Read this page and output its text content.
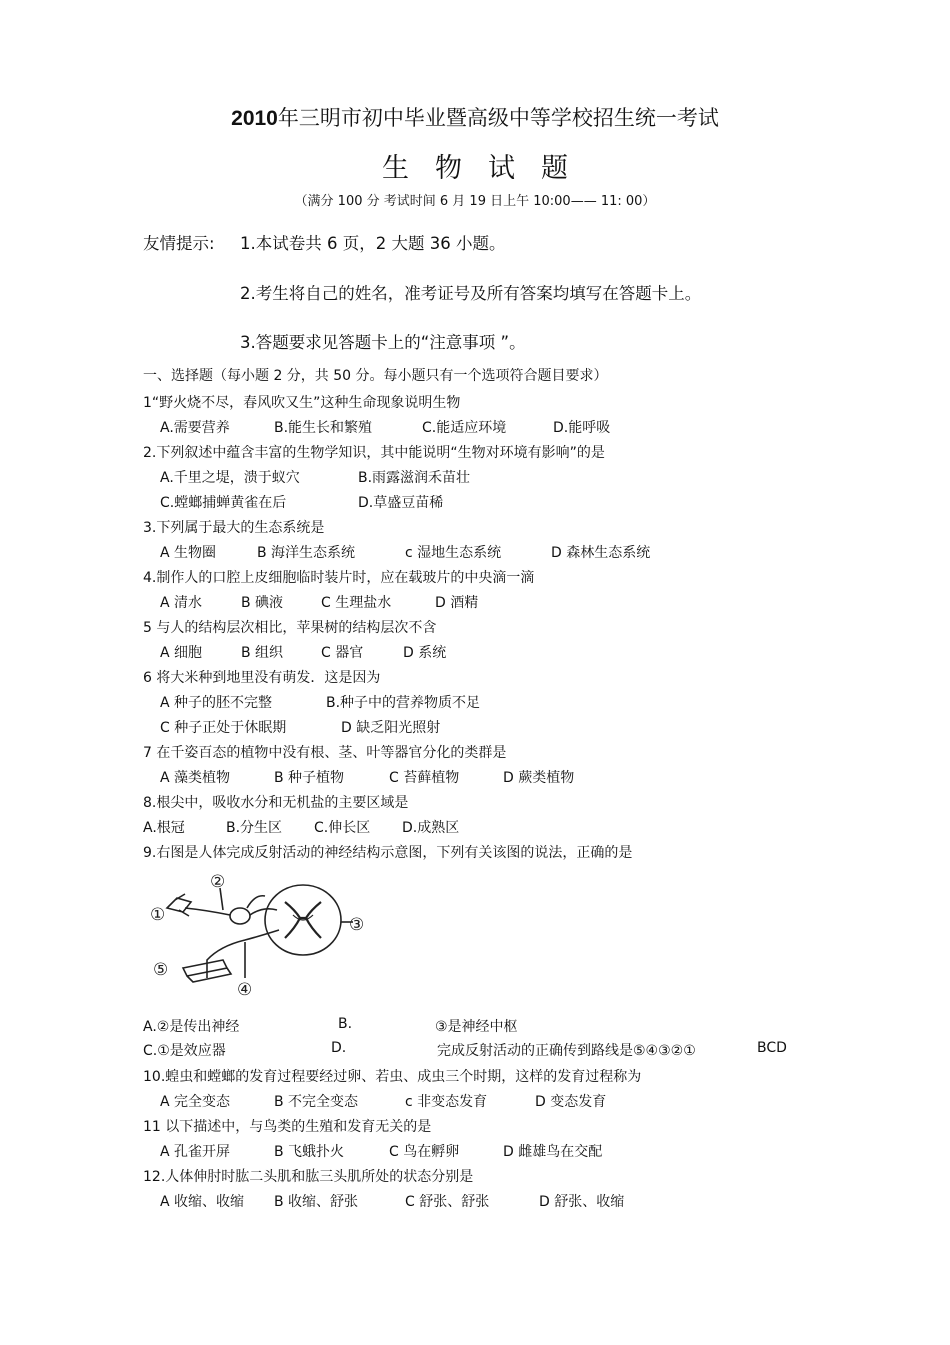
2010年三明市初中毕业暨高级中等学校招生统一考试
生物试题
（满分 100 分 考试时间 6 月 19 日上午 10:00—— 11: 00）
友情提示: 1.本试卷共 6 页，2 大题 36 小题。
2.考生将自己的姓名，准考证号及所有答案均填写在答题卡上。
3.答题要求见答题卡上的“注意事项 ”。
一、选择题（每小题 2 分，共 50 分。每小题只有一个选项符合题目要求）
1“野火烧不尽，春风吹又生”这种生命现象说明生物
A.需要营养	B.能生长和繁殖	C.能适应环境	D.能呼吸
2.下列叙述中蕴含丰富的生物学知识，其中能说明“生物对环境有影响”的是
A.千里之堤，溃于蚁穴	B.雨露滋润禾苗壮
C.螳螂捕蝉黄雀在后	D.草盛豆苗稀
3.下列属于最大的生态系统是
A 生物圈	B 海洋生态系统	c 湿地生态系统	D 森林生态系统
4.制作人的口腔上皮细胞临时装片时，应在载玻片的中央滴一滴
A 清水	B 碘液	C 生理盐水	D 酒精
5 与人的结构层次相比，苹果树的结构层次不含
A 细胞	B 组织	C 器官	D 系统
6 将大米种到地里没有萌发．这是因为
A 种子的胚不完整	B.种子中的营养物质不足
C 种子正处于休眠期	D 缺乏阳光照射
7 在千姿百态的植物中没有根、茎、叶等器官分化的类群是
A 藻类植物	B 种子植物	C 苔藓植物	D 蕨类植物
8.根尖中，吸收水分和无机盐的主要区域是
A.根冠	B.分生区 C.伸长区 D.成熟区
9.右图是人体完成反射活动的神经结构示意图，下列有关该图的说法，正确的是
①
②
③
④
⑤
A.②是传出神经	B.	③是神经中枢
C.①是效应器	D.	完成反射活动的正确传到路线是⑤④③②①	BCD
10.蝗虫和螳螂的发育过程要经过卵、若虫、成虫三个时期，这样的发育过程称为
A 完全变态	B 不完全变态	c 非变态发育	D 变态发育
11 以下描述中，与鸟类的生殖和发育无关的是
A 孔雀开屏	B 飞蛾扑火	C 鸟在孵卵	D 雌雄鸟在交配
12.人体伸肘时肱二头肌和肱三头肌所处的状态分别是
A 收缩、收缩 B 收缩、舒张	C 舒张、舒张	D 舒张、收缩
